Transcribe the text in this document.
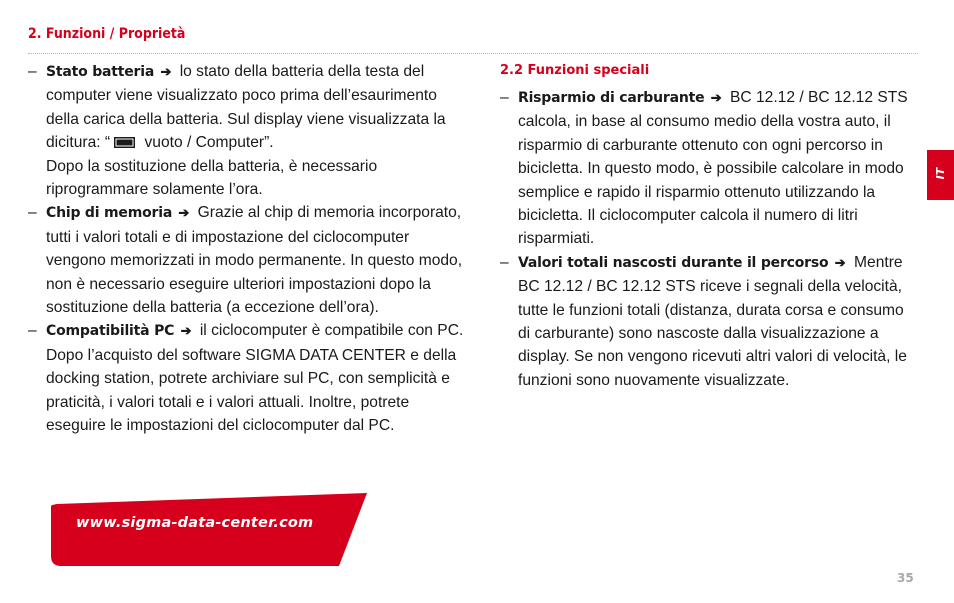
2. Funzioni / Proprietà

– Stato batteria ➔ lo stato della batteria della testa del computer viene visualizzato poco prima dell’esaurimento della carica della batteria. Sul display viene visualizzata la dicitura: “ vuoto / Computer”.
Dopo la sostituzione della batteria, è necessario riprogrammare solamente l’ora.

– Chip di memoria ➔ Grazie al chip di memoria incorporato, tutti i valori totali e di impostazione del ciclocomputer vengono memorizzati in modo permanente. In questo modo, non è necessario eseguire ulteriori impostazioni dopo la sostituzione della batteria (a eccezione dell’ora).

– Compatibilità PC ➔ il ciclocomputer è compatibile con PC. Dopo l’acquisto del software SIGMA DATA CENTER e della docking station, potrete archiviare sul PC, con semplicità e praticità, i valori totali e i valori attuali. Inoltre, potrete eseguire le impostazioni del ciclocomputer dal PC.

2.2 Funzioni speciali

– Risparmio di carburante ➔ BC 12.12 / BC 12.12 STS calcola, in base al consumo medio della vostra auto, il risparmio di carburante ottenuto con ogni percorso in bicicletta. In questo modo, è possibile calcolare in modo semplice e rapido il risparmio ottenuto utilizzando la bicicletta. Il ciclocomputer calcola il numero di litri risparmiati.

– Valori totali nascosti durante il percorso ➔ Mentre BC 12.12 / BC 12.12 STS riceve i segnali della velocità, tutte le funzioni totali (distanza, durata corsa e consumo di carburante) sono nascoste dalla visualizzazione a display. Se non vengono ricevuti altri valori di velocità, le funzioni sono nuovamente visualizzate.

www.sigma-data-center.com
IT
35
